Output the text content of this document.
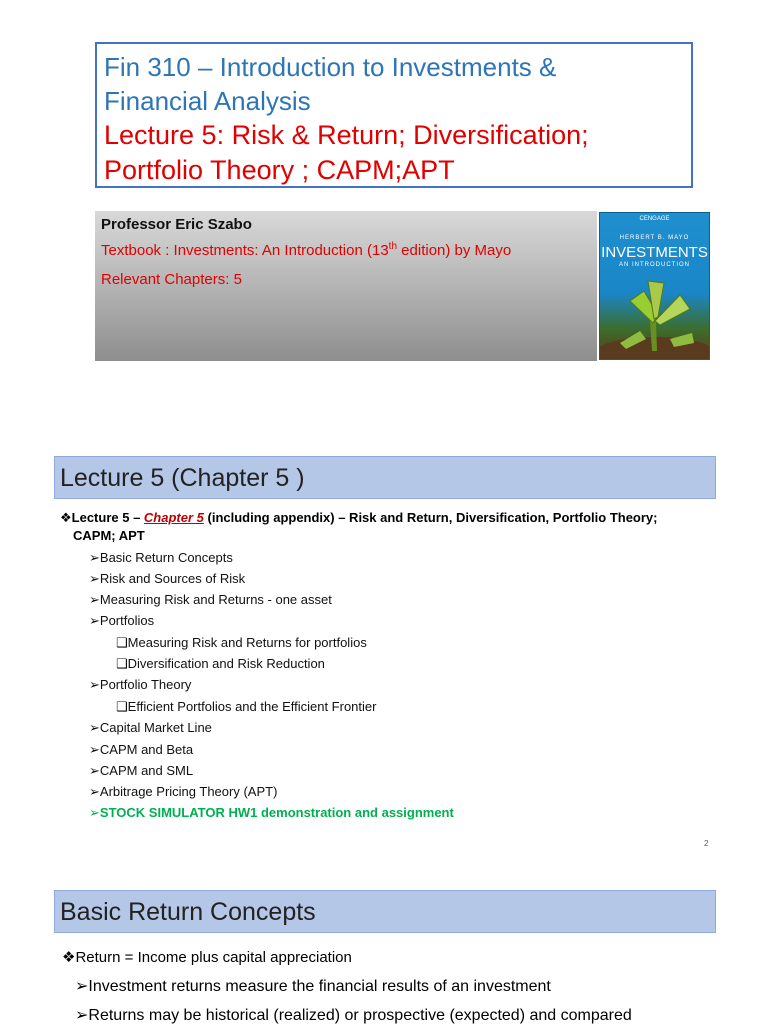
Fin 310 – Introduction to Investments &
Financial Analysis
Lecture 5: Risk & Return; Diversification;
Portfolio Theory ; CAPM;APT
Professor Eric Szabo
Textbook : Investments: An Introduction (13th edition) by Mayo
Relevant Chapters: 5
CENGAGE
HERBERT B. MAYO
INVESTMENTS
AN INTRODUCTION
Lecture 5 (Chapter 5 )
❖Lecture 5 – Chapter 5 (including appendix) – Risk and Return, Diversification, Portfolio Theory;
CAPM; APT
➢Basic Return Concepts
➢Risk and Sources of Risk
➢Measuring Risk and Returns - one asset
➢Portfolios
❑Measuring Risk and Returns for portfolios
❑Diversification and Risk Reduction
➢Portfolio Theory
❑Efficient Portfolios and the Efficient Frontier
➢Capital Market Line
➢CAPM and Beta
➢CAPM and SML
➢Arbitrage Pricing Theory (APT)
➢STOCK SIMULATOR HW1 demonstration and assignment
2
Basic Return Concepts
❖Return = Income plus capital appreciation
➢Investment returns measure the financial results of an investment
➢Returns may be historical (realized) or prospective (expected) and compared
